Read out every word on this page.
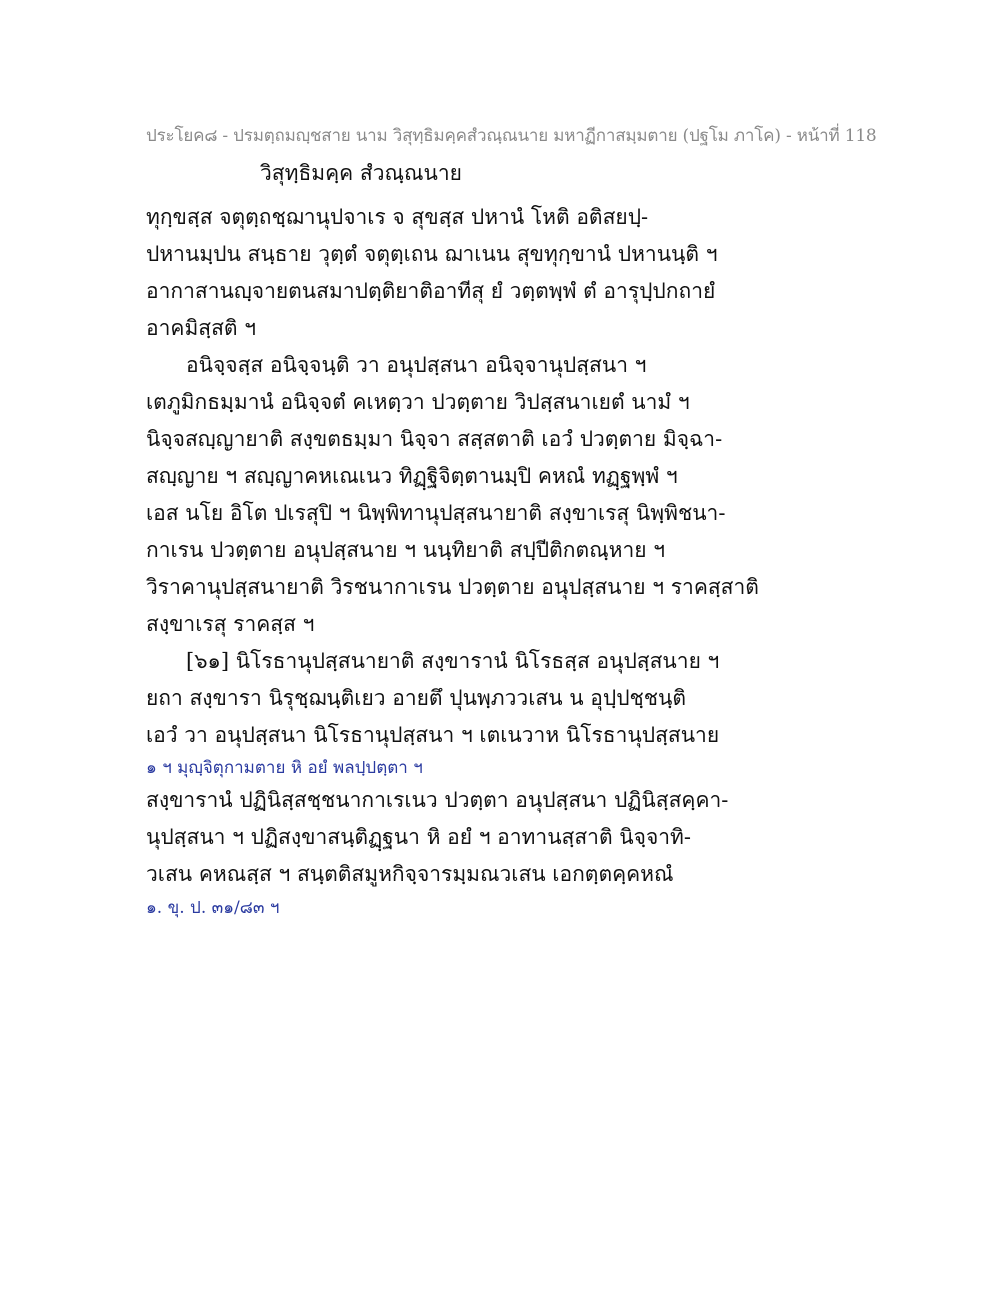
ประโยค๘ - ปรมตฺถมญฺชสาย นาม วิสุทฺธิมคฺคสํวณฺณนาย มหาฏีกาสมฺมตาย (ปฐโม ภาโค) - หน้าที่ 118
วิสุทฺธิมคฺค สํวณฺณนาย
ทุกฺขสฺส จตุตฺถชฺฌานุปจาเร จ สุขสฺส ปหานํ โหติ อติสยปฺ-
ปหานมฺปน สนฺธาย วุตฺตํ จตุตฺเถน ฌาเนน สุขทุกฺขานํ ปหานนฺติ ฯ
อากาสานญฺจายตนสมาปตฺติยาติอาทีสุ ยํ วตฺตพฺพํ ตํ อารุปฺปกถายํ
อาคมิสฺสติ ฯ
อนิจฺจสฺส อนิจฺจนฺติ วา อนุปสฺสนา อนิจฺจานุปสฺสนา ฯ
เตภูมิกธมฺมานํ อนิจฺจตํ คเหตฺวา ปวตฺตาย วิปสฺสนาเยตํ นามํ ฯ
นิจฺจสญฺญายาติ สงฺขตธมฺมา นิจฺจา สสฺสตาติ เอวํ ปวตฺตาย มิจฺฉา-
สญฺญาย ฯ สญฺญาคหเณเนว ทิฏฺฐิจิตฺตานมฺปิ คหณํ ทฏฺฐพฺพํ ฯ
เอส นโย อิโต ปเรสุปิ ฯ นิพฺพิทานุปสฺสนายาติ สงฺขาเรสุ นิพฺพิชนา-
กาเรน ปวตฺตาย อนุปสฺสนาย ฯ นนฺทิยาติ สปฺปีติกตณฺหาย ฯ
วิราคานุปสฺสนายาติ วิรชนากาเรน ปวตฺตาย อนุปสฺสนาย ฯ ราคสฺสาติ
สงฺขาเรสุ ราคสฺส ฯ
[๖๑] นิโรธานุปสฺสนายาติ สงฺขารานํ นิโรธสฺส อนุปสฺสนาย ฯ
ยถา สงฺขารา นิรุชฺฌนฺติเยว อายตึ ปุนพฺภววเสน น อุปฺปชฺชนฺติ
เอวํ วา อนุปสฺสนา นิโรธานุปสฺสนา ฯ เตเนวาห นิโรธานุปสฺสนาย
๑ ฯ มุญฺจิตุกามตาย หิ อยํ พลปฺปตฺตา ฯ
สงฺขารานํ ปฏินิสฺสชฺชนากาเรเนว ปวตฺตา อนุปสฺสนา ปฏินิสฺสคฺคา-
นุปสฺสนา ฯ ปฏิสงฺขาสนฺติฏฺฐนา หิ อยํ ฯ อาทานสฺสาติ นิจฺจาทิ-
วเสน คหณสฺส ฯ สนฺตติสมูหกิจฺจารมฺมณวเสน เอกตฺตคฺคหณํ
๑. ขุ. ป. ๓๑/๘๓ ฯ
